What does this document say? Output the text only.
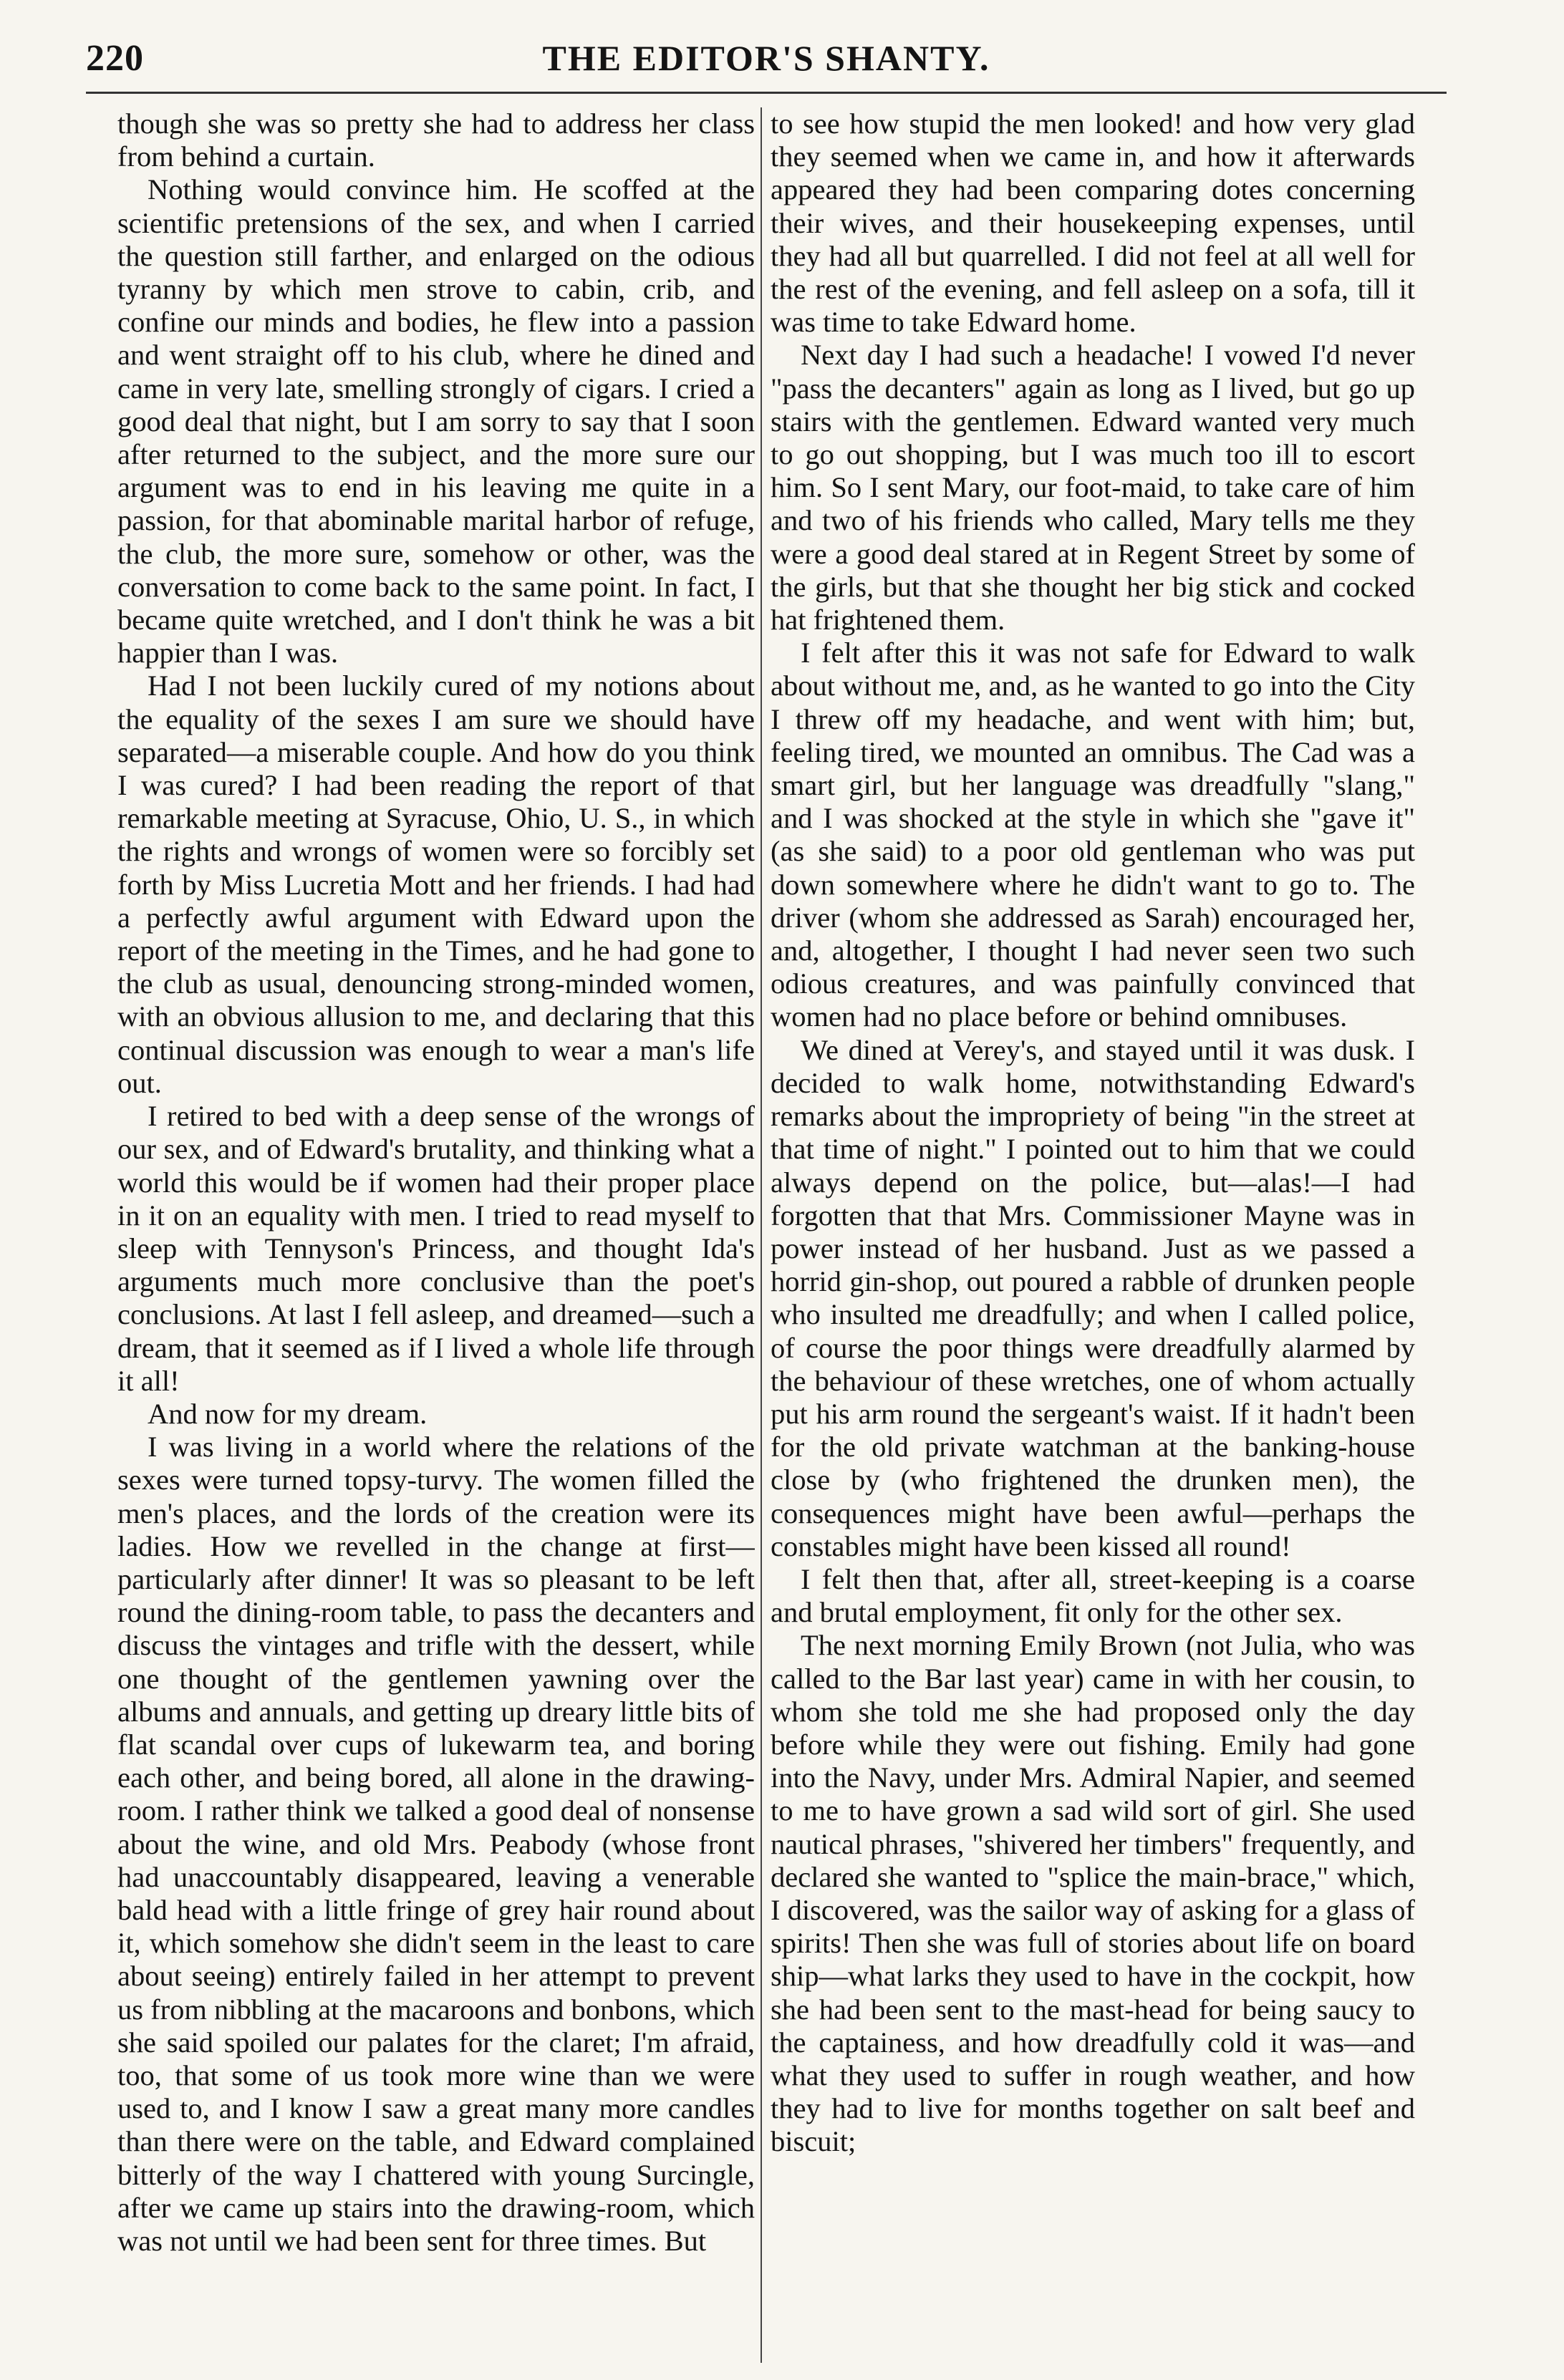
220	THE EDITOR'S SHANTY.

though she was so pretty she had to address her class from behind a curtain.

Nothing would convince him. He scoffed at the scientific pretensions of the sex, and when I carried the question still farther, and enlarged on the odious tyranny by which men strove to cabin, crib, and confine our minds and bodies, he flew into a passion and went straight off to his club, where he dined and came in very late, smelling strongly of cigars. I cried a good deal that night, but I am sorry to say that I soon after returned to the subject, and the more sure our argument was to end in his leaving me quite in a passion, for that abominable marital harbor of refuge, the club, the more sure, somehow or other, was the conversation to come back to the same point. In fact, I became quite wretched, and I don't think he was a bit happier than I was.

Had I not been luckily cured of my notions about the equality of the sexes I am sure we should have separated—a miserable couple. And how do you think I was cured? I had been reading the report of that remarkable meeting at Syracuse, Ohio, U. S., in which the rights and wrongs of women were so forcibly set forth by Miss Lucretia Mott and her friends. I had had a perfectly awful argument with Edward upon the report of the meeting in the Times, and he had gone to the club as usual, denouncing strong-minded women, with an obvious allusion to me, and declaring that this continual discussion was enough to wear a man's life out.

I retired to bed with a deep sense of the wrongs of our sex, and of Edward's brutality, and thinking what a world this would be if women had their proper place in it on an equality with men. I tried to read myself to sleep with Tennyson's Princess, and thought Ida's arguments much more conclusive than the poet's conclusions. At last I fell asleep, and dreamed—such a dream, that it seemed as if I lived a whole life through it all!

And now for my dream.

I was living in a world where the relations of the sexes were turned topsy-turvy. The women filled the men's places, and the lords of the creation were its ladies. How we revelled in the change at first—particularly after dinner! It was so pleasant to be left round the dining-room table, to pass the decanters and discuss the vintages and trifle with the dessert, while one thought of the gentlemen yawning over the albums and annuals, and getting up dreary little bits of flat scandal over cups of lukewarm tea, and boring each other, and being bored, all alone in the drawing-room. I rather think we talked a good deal of nonsense about the wine, and old Mrs. Peabody (whose front had unaccountably disappeared, leaving a venerable bald head with a little fringe of grey hair round about it, which somehow she didn't seem in the least to care about seeing) entirely failed in her attempt to prevent us from nibbling at the macaroons and bonbons, which she said spoiled our palates for the claret; I'm afraid, too, that some of us took more wine than we were used to, and I know I saw a great many more candles than there were on the table, and Edward complained bitterly of the way I chattered with young Surcingle, after we came up stairs into the drawing-room, which was not until we had been sent for three times. But

to see how stupid the men looked! and how very glad they seemed when we came in, and how it afterwards appeared they had been comparing dotes concerning their wives, and their housekeeping expenses, until they had all but quarrelled. I did not feel at all well for the rest of the evening, and fell asleep on a sofa, till it was time to take Edward home.

Next day I had such a headache! I vowed I'd never "pass the decanters" again as long as I lived, but go up stairs with the gentlemen. Edward wanted very much to go out shopping, but I was much too ill to escort him. So I sent Mary, our foot-maid, to take care of him and two of his friends who called, Mary tells me they were a good deal stared at in Regent Street by some of the girls, but that she thought her big stick and cocked hat frightened them.

I felt after this it was not safe for Edward to walk about without me, and, as he wanted to go into the City I threw off my headache, and went with him; but, feeling tired, we mounted an omnibus. The Cad was a smart girl, but her language was dreadfully "slang," and I was shocked at the style in which she "gave it" (as she said) to a poor old gentleman who was put down somewhere where he didn't want to go to. The driver (whom she addressed as Sarah) encouraged her, and, altogether, I thought I had never seen two such odious creatures, and was painfully convinced that women had no place before or behind omnibuses.

We dined at Verey's, and stayed until it was dusk. I decided to walk home, notwithstanding Edward's remarks about the impropriety of being "in the street at that time of night." I pointed out to him that we could always depend on the police, but—alas!—I had forgotten that that Mrs. Commissioner Mayne was in power instead of her husband. Just as we passed a horrid gin-shop, out poured a rabble of drunken people who insulted me dreadfully; and when I called police, of course the poor things were dreadfully alarmed by the behaviour of these wretches, one of whom actually put his arm round the sergeant's waist. If it hadn't been for the old private watchman at the banking-house close by (who frightened the drunken men), the consequences might have been awful—perhaps the constables might have been kissed all round!

I felt then that, after all, street-keeping is a coarse and brutal employment, fit only for the other sex.

The next morning Emily Brown (not Julia, who was called to the Bar last year) came in with her cousin, to whom she told me she had proposed only the day before while they were out fishing. Emily had gone into the Navy, under Mrs. Admiral Napier, and seemed to me to have grown a sad wild sort of girl. She used nautical phrases, "shivered her timbers" frequently, and declared she wanted to "splice the main-brace," which, I discovered, was the sailor way of asking for a glass of spirits! Then she was full of stories about life on board ship—what larks they used to have in the cockpit, how she had been sent to the mast-head for being saucy to the captainess, and how dreadfully cold it was—and what they used to suffer in rough weather, and how they had to live for months together on salt beef and biscuit;
